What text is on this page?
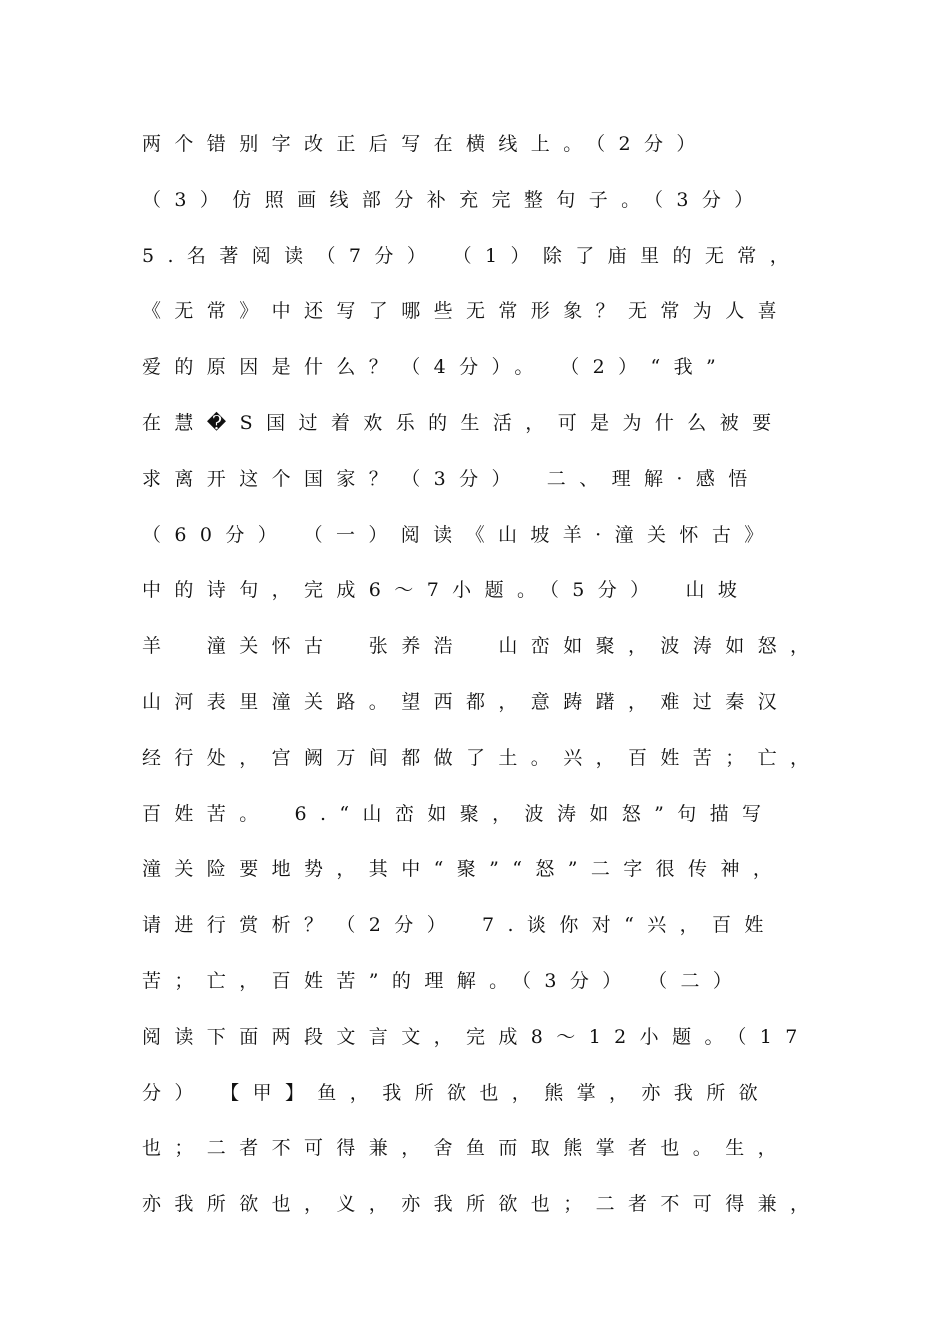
两个错别字改正后写在横线上。（2分）
（3）仿照画线部分补充完整句子。（3分）
5.名著阅读（7分）　（1）除了庙里的无常，
《无常》中还写了哪些无常形象？无常为人喜
爱的原因是什么？（4分）。　（2）“我”
在慧�S国过着欢乐的生活，可是为什么被要
求离开这个国家？（3分）　二、理解·感悟
（60分）　（一）阅读《山坡羊·潼关怀古》
中的诗句，完成6～7小题。（5分）　山坡
羊　潼关怀古　张养浩　山峦如聚，波涛如怒，
山河表里潼关路。望西都，意踌躇，难过秦汉
经行处，宫阙万间都做了土。兴，百姓苦；亡，
百姓苦。　6.“山峦如聚，波涛如怒”句描写
潼关险要地势，其中“聚”“怒”二字很传神，
请进行赏析？（2分）　7.谈你对“兴，百姓
苦；亡，百姓苦”的理解。（3分）　（二）
阅读下面两段文言文，完成8～12小题。（17
分）　【甲】鱼，我所欲也，熊掌，亦我所欲
也；二者不可得兼，舍鱼而取熊掌者也。生，
亦我所欲也，义，亦我所欲也；二者不可得兼，
